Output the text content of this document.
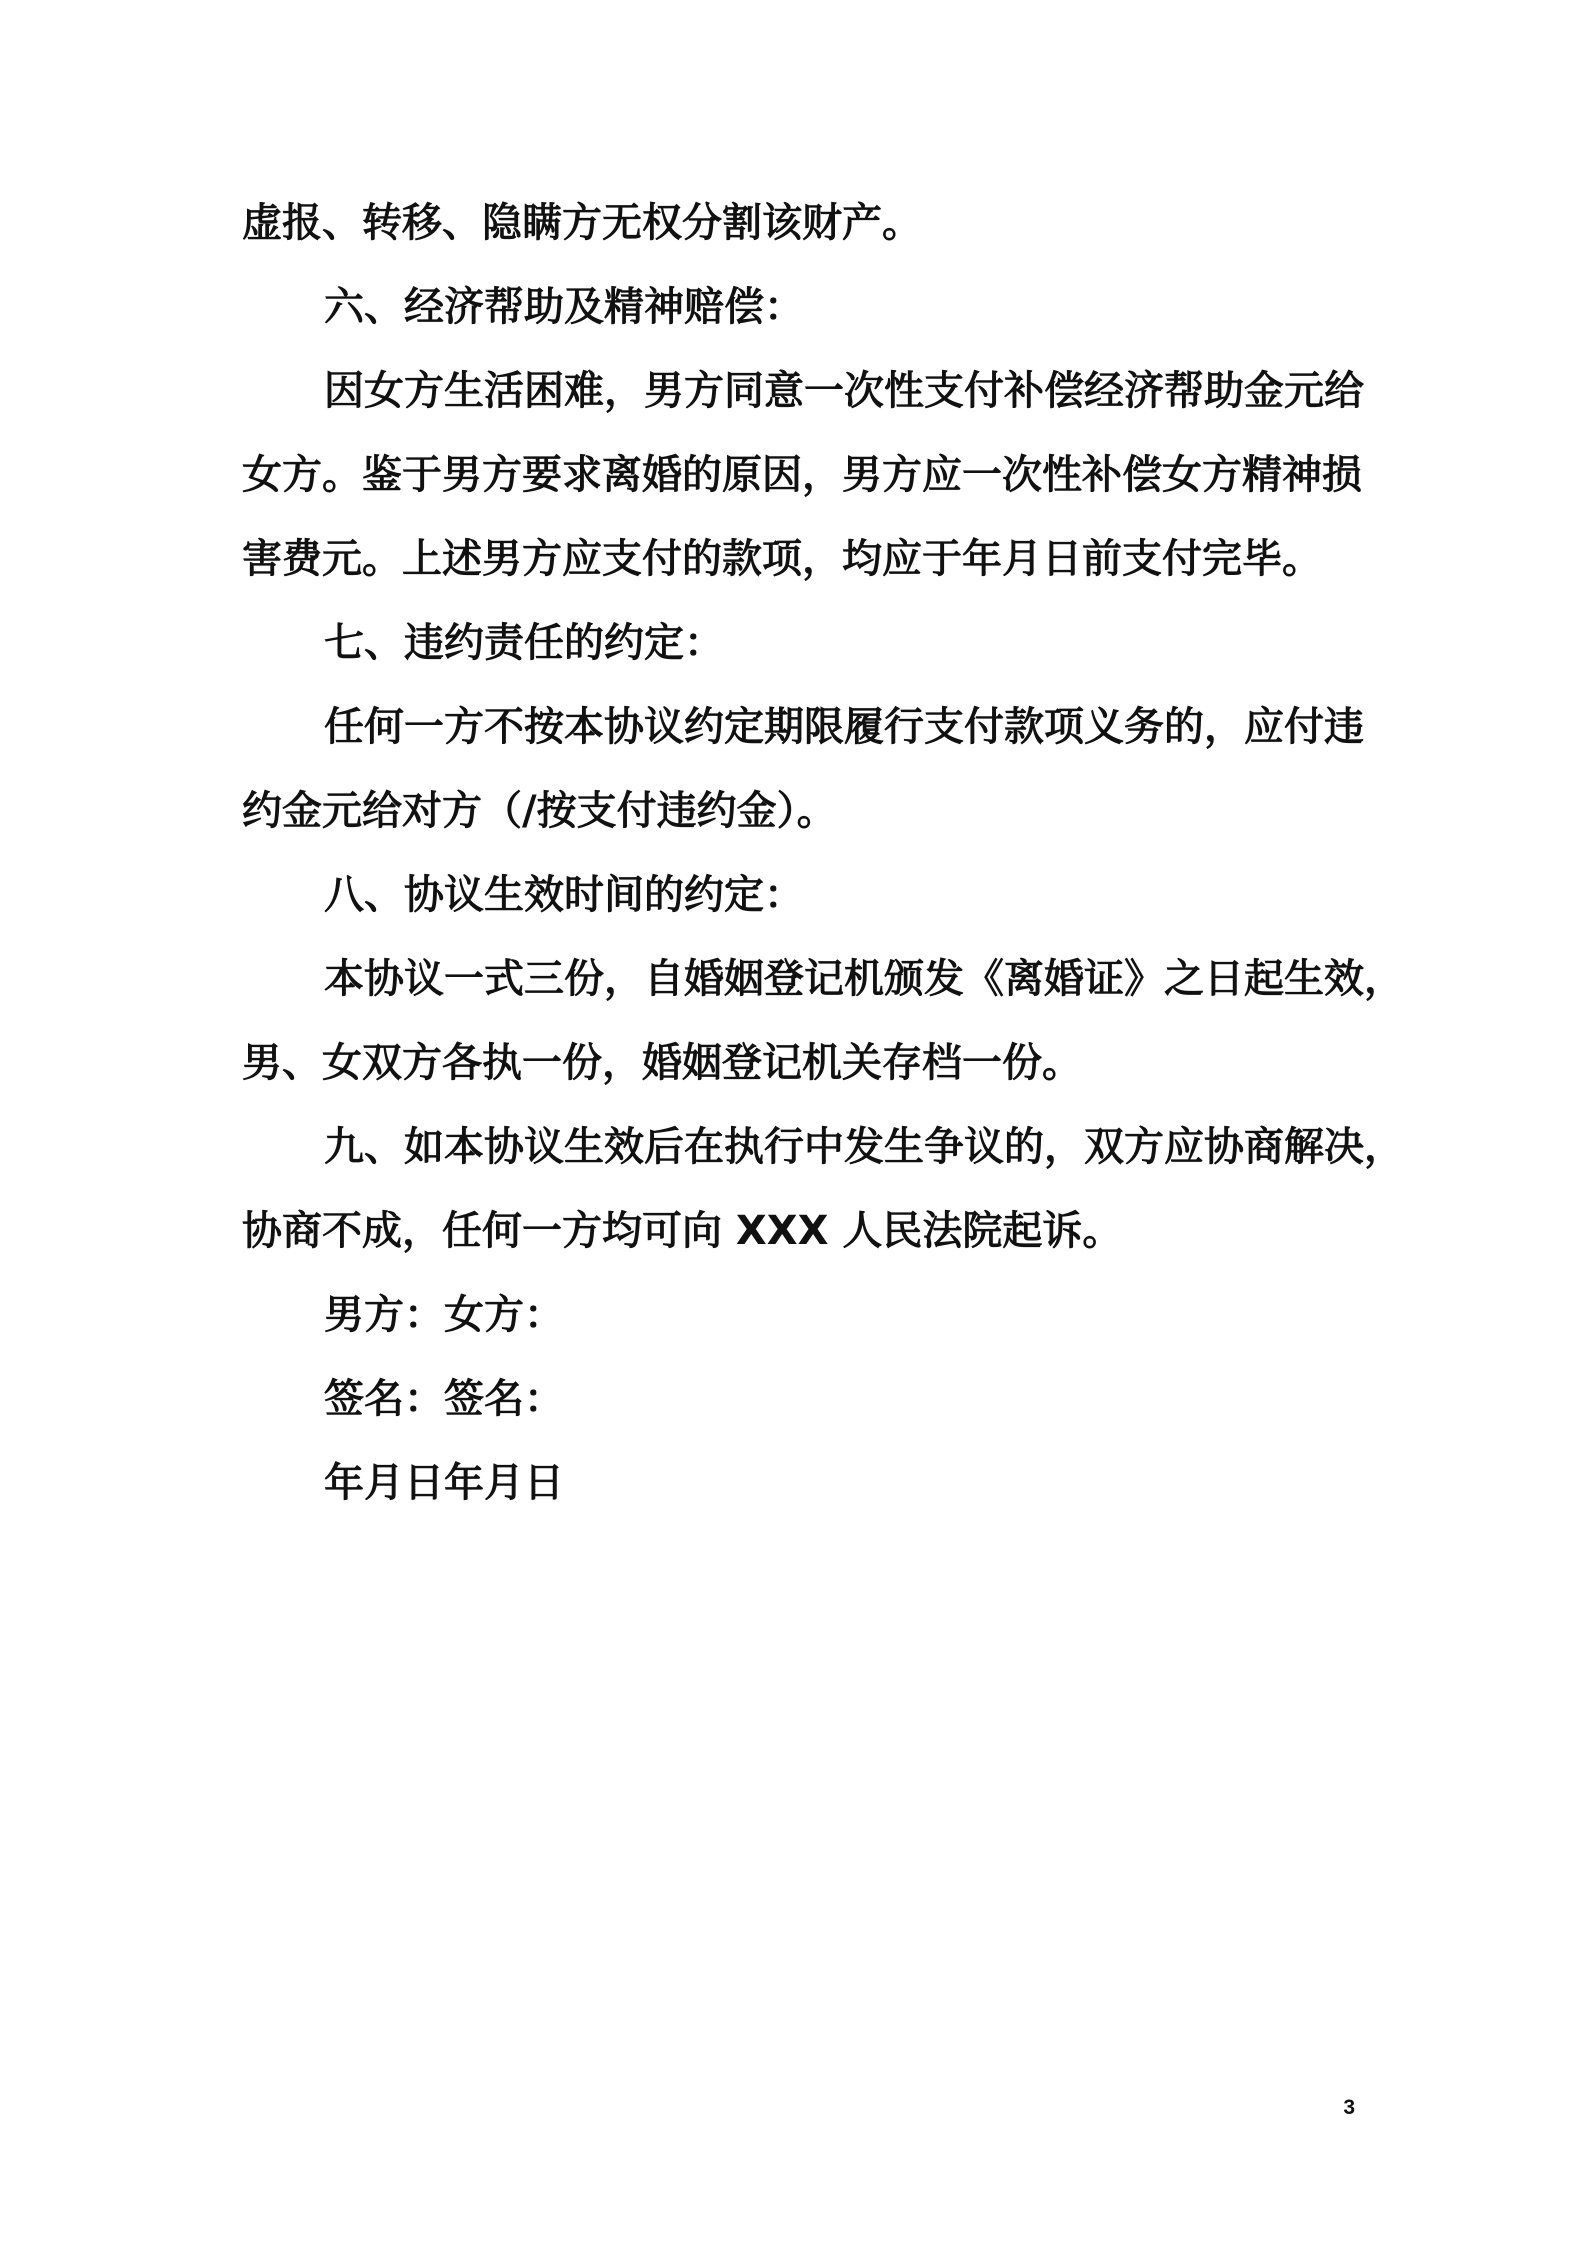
虚报、转移、隐瞒方无权分割该财产。
六、经济帮助及精神赔偿：
因女方生活困难，男方同意一次性支付补偿经济帮助金元给
女方。鉴于男方要求离婚的原因，男方应一次性补偿女方精神损
害费元。上述男方应支付的款项，均应于年月日前支付完毕。
七、违约责任的约定：
任何一方不按本协议约定期限履行支付款项义务的，应付违
约金元给对方（/按支付违约金）。
八、协议生效时间的约定：
本协议一式三份，自婚姻登记机颁发《离婚证》之日起生效，
男、女双方各执一份，婚姻登记机关存档一份。
九、如本协议生效后在执行中发生争议的，双方应协商解决，
协商不成，任何一方均可向 XXX 人民法院起诉。
男方：女方：
签名：签名：
年月日年月日
3
